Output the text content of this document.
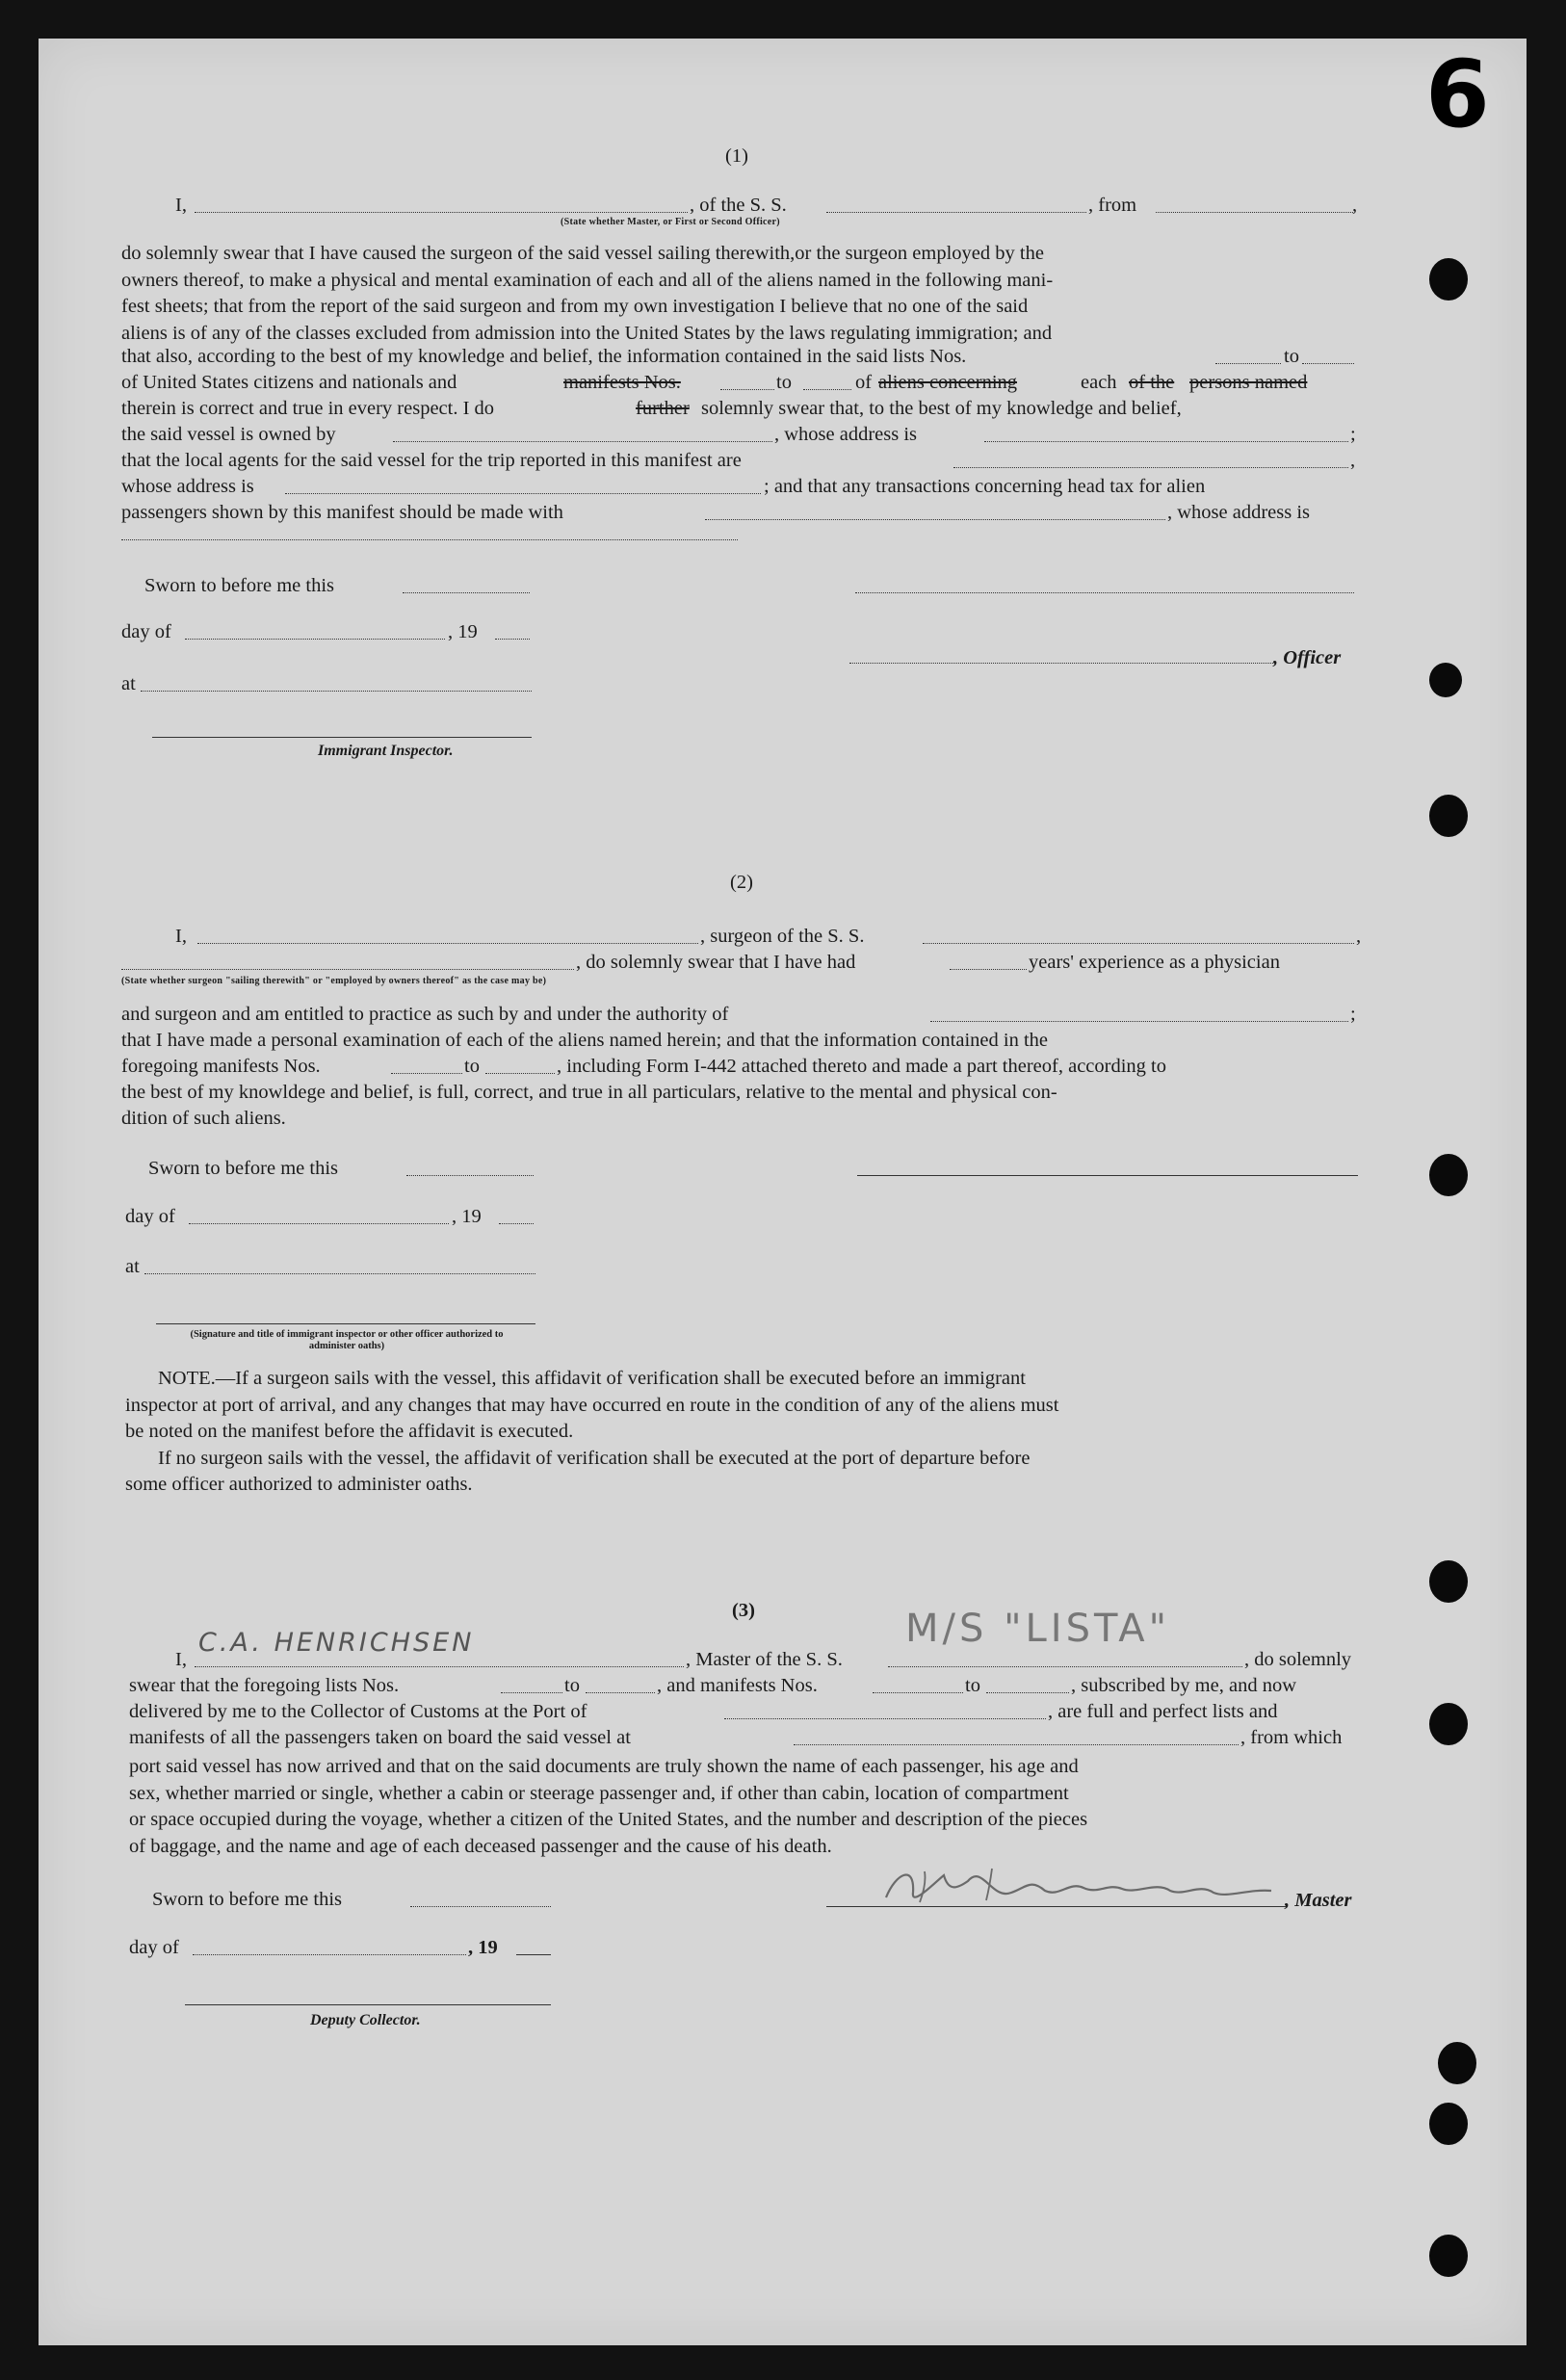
6
(1)
I,	, of the S. S.	, from	,
(State whether Master, or First or Second Officer)
do solemnly swear that I have caused the surgeon of the said vessel sailing therewith,or the surgeon employed by the
owners thereof, to make a physical and mental examination of each and all of the aliens named in the following mani-
fest sheets; that from the report of the said surgeon and from my own investigation I believe that no one of the said
aliens is of any of the classes excluded from admission into the United States by the laws regulating immigration; and
that also, according to the best of my knowledge and belief, the information contained in the said lists Nos.	to
of United States citizens and nationals and	manifests Nos.	to	of aliens concerning	each of the persons named
therein is correct and true in every respect. I do	further solemnly swear that, to the best of my knowledge and belief,
the said vessel is owned by	, whose address is	;
that the local agents for the said vessel for the trip reported in this manifest are	,
whose address is	; and that any transactions concerning head tax for alien
passengers shown by this manifest should be made with	, whose address is
Sworn to before me this
day of	, 19
, Officer
at
Immigrant Inspector.
(2)
I,	, surgeon of the S. S.	,
, do solemnly swear that I have had	years' experience as a physician
(State whether surgeon "sailing therewith" or "employed by owners thereof" as the case may be)
and surgeon and am entitled to practice as such by and under the authority of	;
that I have made a personal examination of each of the aliens named herein; and that the information contained in the
foregoing manifests Nos.	to	, including Form I-442 attached thereto and made a part thereof, according to
the best of my knowldege and belief, is full, correct, and true in all particulars, relative to the mental and physical con-
dition of such aliens.
Sworn to before me this
day of	, 19
at
(Signature and title of immigrant inspector or other officer authorized to administer oaths)
NOTE.—If a surgeon sails with the vessel, this affidavit of verification shall be executed before an immigrant
inspector at port of arrival, and any changes that may have occurred en route in the condition of any of the aliens must
be noted on the manifest before the affidavit is executed.
If no surgeon sails with the vessel, the affidavit of verification shall be executed at the port of departure before
some officer authorized to administer oaths.
(3)
I,
C.A. HENRICHSEN
, Master of the S. S.
M/S "LISTA"
, do solemnly
swear that the foregoing lists Nos.	to	, and manifests Nos.	to	, subscribed by me, and now
delivered by me to the Collector of Customs at the Port of	, are full and perfect lists and
manifests of all the passengers taken on board the said vessel at	, from which
port said vessel has now arrived and that on the said documents are truly shown the name of each passenger, his age and
sex, whether married or single, whether a cabin or steerage passenger and, if other than cabin, location of compartment
or space occupied during the voyage, whether a citizen of the United States, and the number and description of the pieces
of baggage, and the name and age of each deceased passenger and the cause of his death.
Sworn to before me this	, Master
day of	, 19
Deputy Collector.
